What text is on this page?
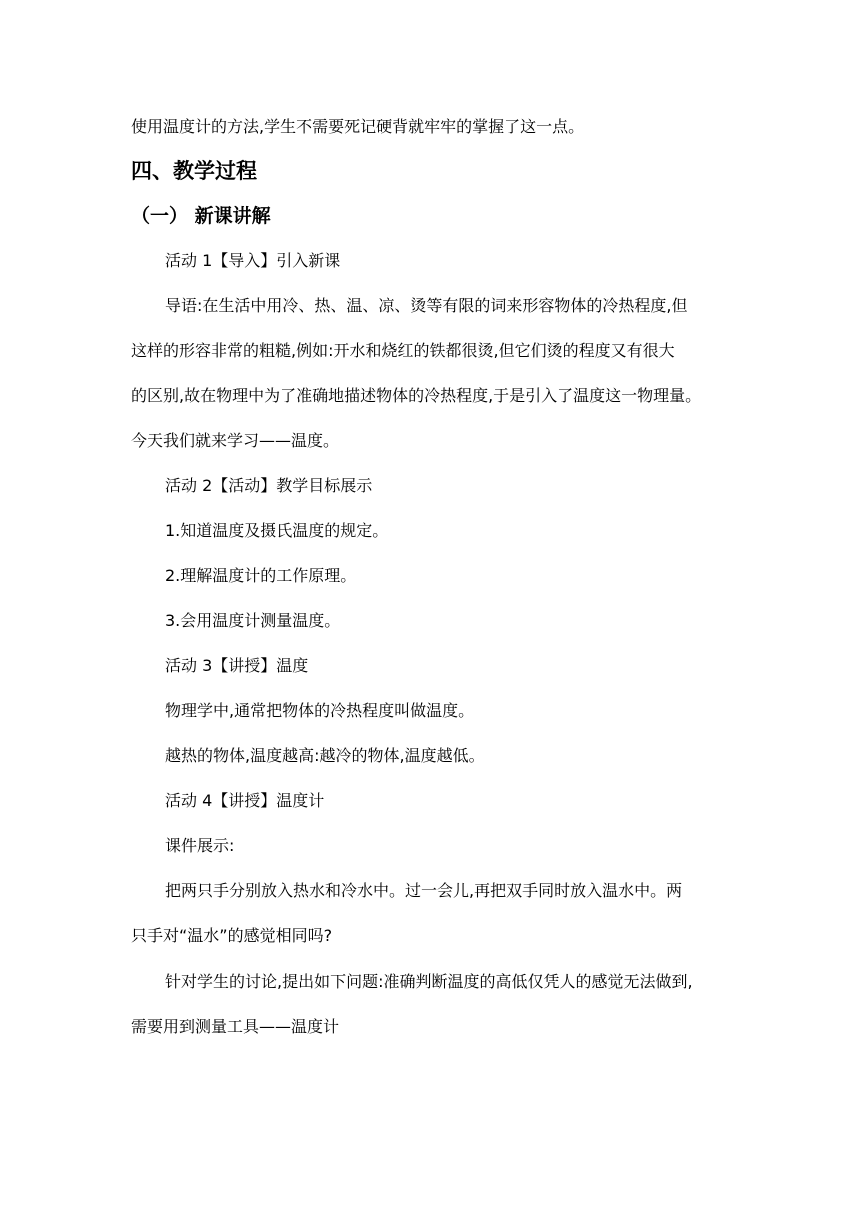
使用温度计的方法,学生不需要死记硬背就牢牢的掌握了这一点。
四、教学过程
（一） 新课讲解
活动 1【导入】引入新课
导语:在生活中用冷、热、温、凉、烫等有限的词来形容物体的冷热程度,但
这样的形容非常的粗糙,例如:开水和烧红的铁都很烫,但它们烫的程度又有很大
的区别,故在物理中为了准确地描述物体的冷热程度,于是引入了温度这一物理量。
今天我们就来学习——温度。
活动 2【活动】教学目标展示
1.知道温度及摄氏温度的规定。
2.理解温度计的工作原理。
3.会用温度计测量温度。
活动 3【讲授】温度
物理学中,通常把物体的冷热程度叫做温度。
越热的物体,温度越高:越冷的物体,温度越低。
活动 4【讲授】温度计
课件展示:
把两只手分别放入热水和冷水中。过一会儿,再把双手同时放入温水中。两
只手对“温水”的感觉相同吗?
针对学生的讨论,提出如下问题:准确判断温度的高低仅凭人的感觉无法做到,
需要用到测量工具——温度计
